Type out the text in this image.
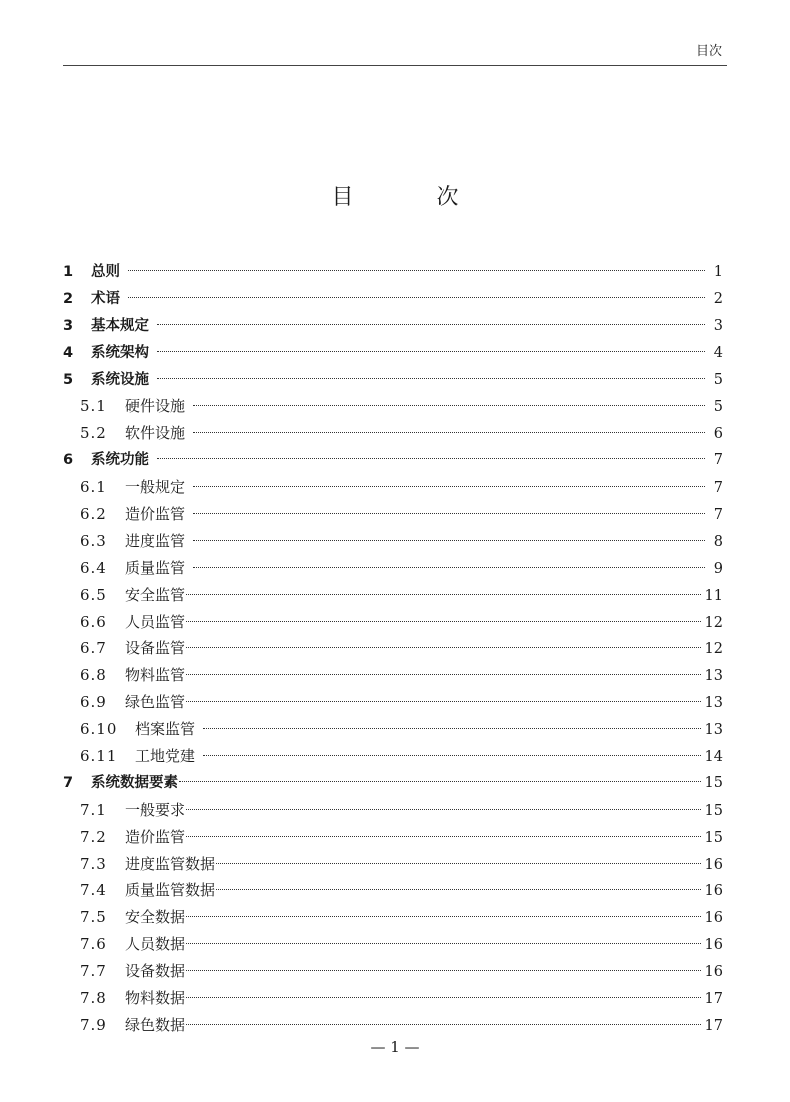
目次
目 次
1	总则	1
2	术语	2
3	基本规定	3
4	系统架构	4
5	系统设施	5
5.1	硬件设施	5
5.2	软件设施	6
6	系统功能	7
6.1	一般规定	7
6.2	造价监管	7
6.3	进度监管	8
6.4	质量监管	9
6.5	安全监管	11
6.6	人员监管	12
6.7	设备监管	12
6.8	物料监管	13
6.9	绿色监管	13
6.10	档案监管	13
6.11	工地党建	14
7	系统数据要素	15
7.1	一般要求	15
7.2	造价监管	15
7.3	进度监管数据	16
7.4	质量监管数据	16
7.5	安全数据	16
7.6	人员数据	16
7.7	设备数据	16
7.8	物料数据	17
7.9	绿色数据	17
— 1 —
